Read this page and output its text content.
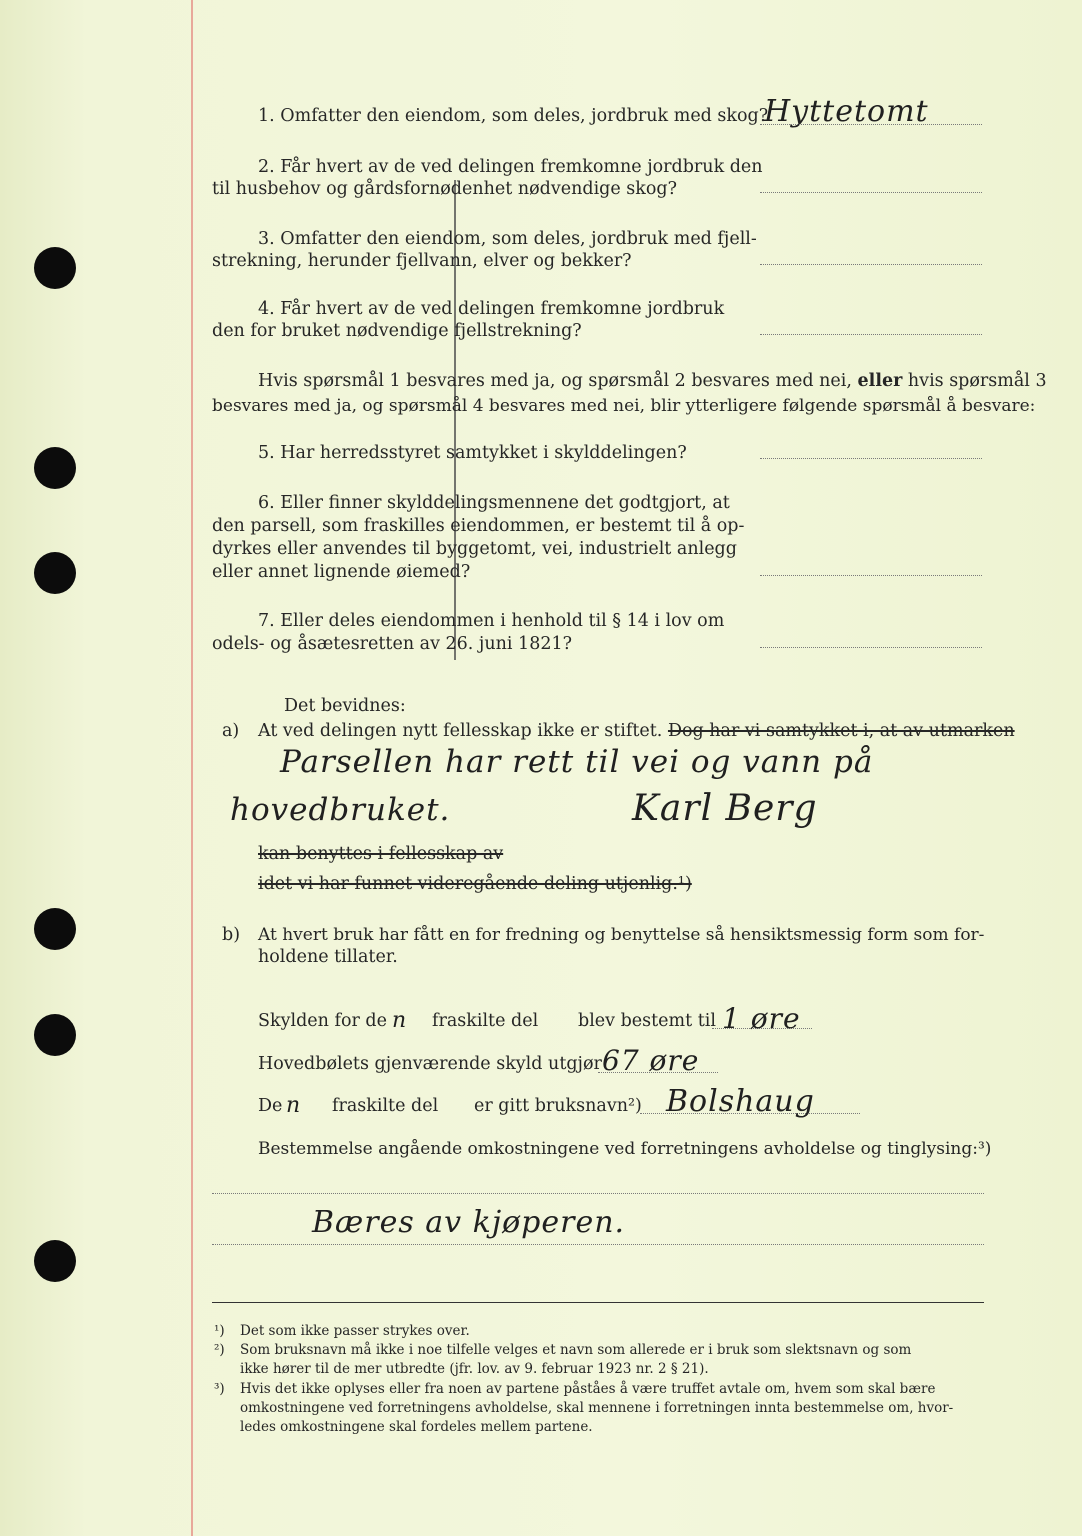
1. Omfatter den eiendom, som deles, jordbruk med skog?
Hyttetomt
2. Får hvert av de ved delingen fremkomne jordbruk den
til husbehov og gårdsfornødenhet nødvendige skog?
3. Omfatter den eiendom, som deles, jordbruk med fjell-
strekning, herunder fjellvann, elver og bekker?
4. Får hvert av de ved delingen fremkomne jordbruk
den for bruket nødvendige fjellstrekning?
Hvis spørsmål 1 besvares med ja, og spørsmål 2 besvares med nei, eller hvis spørsmål 3
besvares med ja, og spørsmål 4 besvares med nei, blir ytterligere følgende spørsmål å besvare:
5. Har herredsstyret samtykket i skylddelingen?
6. Eller finner skylddelingsmennene det godtgjort, at
den parsell, som fraskilles eiendommen, er bestemt til å op-
dyrkes eller anvendes til byggetomt, vei, industrielt anlegg
eller annet lignende øiemed?
7. Eller deles eiendommen i henhold til § 14 i lov om
odels- og åsætesretten av 26. juni 1821?
Det bevidnes:
a) At ved delingen nytt fellesskap ikke er stiftet. Dog har vi samtykket i, at av utmarken
Parsellen har rett til vei og vann på
hovedbruket.	Karl Berg
kan benyttes i fellesskap av
idet vi har funnet videregående deling utjenlig.¹)
b) At hvert bruk har fått en for fredning og benyttelse så hensiktsmessig form som for-
holdene tillater.
Skylden for de n fraskilte del blev bestemt til 1 øre
Hovedbølets gjenværende skyld utgjør 67 øre
De n fraskilte del er gitt bruksnavn²) Bolshaug
Bestemmelse angående omkostningene ved forretningens avholdelse og tinglysing:³)
Bæres av kjøperen.
¹) Det som ikke passer strykes over.
²) Som bruksnavn må ikke i noe tilfelle velges et navn som allerede er i bruk som slektsnavn og som
ikke hører til de mer utbredte (jfr. lov. av 9. februar 1923 nr. 2 § 21).
³) Hvis det ikke oplyses eller fra noen av partene påståes å være truffet avtale om, hvem som skal bære
omkostningene ved forretningens avholdelse, skal mennene i forretningen innta bestemmelse om, hvor-
ledes omkostningene skal fordeles mellem partene.
